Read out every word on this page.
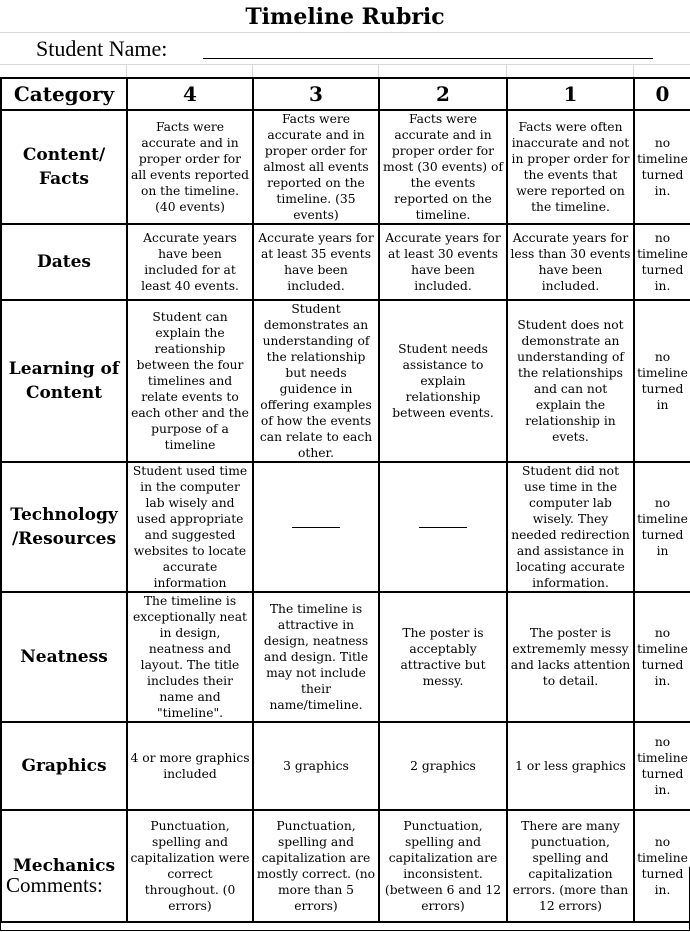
Timeline Rubric
Student Name:
Category	4	3	2	1	0
Content/ Facts	Facts were accurate and in proper order for all events reported on the timeline. (40 events)	Facts were accurate and in proper order for almost all events reported on the timeline. (35 events)	Facts were accurate and in proper order for most (30 events) of the events reported on the timeline.	Facts were often inaccurate and not in proper order for the events that were reported on the timeline.	no timeline turned in.
Dates	Accurate years have been included for at least 40 events.	Accurate years for at least 35 events have been included.	Accurate years for at least 30 events have been included.	Accurate years for less than 30 events have been included.	no timeline turned in.
Learning of Content	Student can explain the reationship between the four timelines and relate events to each other and the purpose of a timeline	Student demonstrates an understanding of the relationship but needs guidence in offering examples of how the events can relate to each other.	Student needs assistance to explain relationship between events.	Student does not demonstrate an understanding of the relationships and can not explain the relationship in evets.	no timeline turned in
Technology /Resources	Student used time in the computer lab wisely and used appropriate and suggested websites to locate accurate information			Student did not use time in the computer lab wisely. They needed redirection and assistance in locating accurate information.	no timeline turned in
Neatness	The timeline is exceptionally neat in design, neatness and layout. The title includes their name and "timeline".	The timeline is attractive in design, neatness and design. Title may not include their name/timeline.	The poster is acceptably attractive but messy.	The poster is extrememly messy and lacks attention to detail.	no timeline turned in.
Graphics	4 or more graphics included	3 graphics	2 graphics	1 or less graphics	no timeline turned in.
Mechanics	Punctuation, spelling and capitalization were correct throughout. (0 errors)	Punctuation, spelling and capitalization are mostly correct. (no more than 5 errors)	Punctuation, spelling and capitalization are inconsistent. (between 6 and 12 errors)	There are many punctuation, spelling and capitalization errors. (more than 12 errors)	no timeline turned in.
Comments:
